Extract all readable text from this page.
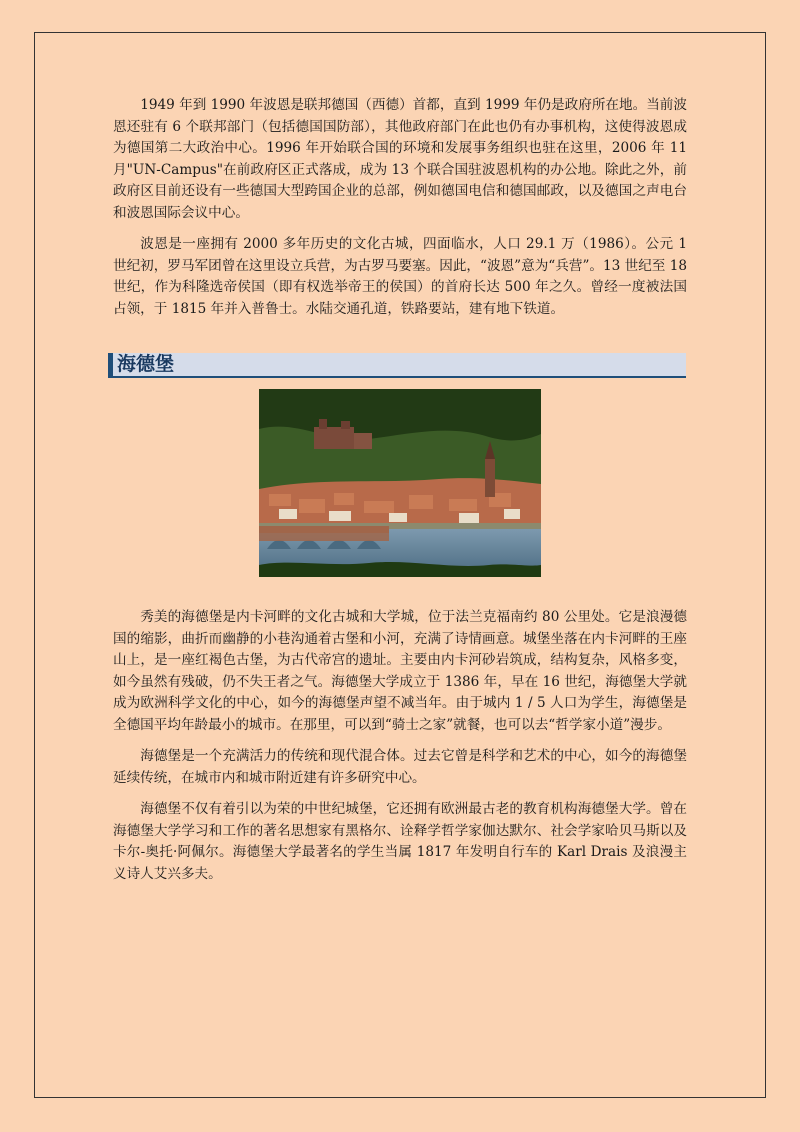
1949 年到 1990 年波恩是联邦德国（西德）首都，直到 1999 年仍是政府所在地。当前波恩还驻有 6 个联邦部门（包括德国国防部），其他政府部门在此也仍有办事机构，这使得波恩成为德国第二大政治中心。1996 年开始联合国的环境和发展事务组织也驻在这里，2006 年 11 月"UN-Campus"在前政府区正式落成，成为 13 个联合国驻波恩机构的办公地。除此之外，前政府区目前还设有一些德国大型跨国企业的总部，例如德国电信和德国邮政，以及德国之声电台和波恩国际会议中心。

波恩是一座拥有 2000 多年历史的文化古城，四面临水，人口 29.1 万（1986）。公元 1 世纪初，罗马军团曾在这里设立兵营，为古罗马要塞。因此，“波恩”意为“兵营”。13 世纪至 18 世纪，作为科隆选帝侯国（即有权选举帝王的侯国）的首府长达 500 年之久。曾经一度被法国占领，于 1815 年并入普鲁士。水陆交通孔道，铁路要站，建有地下铁道。

海德堡

秀美的海德堡是内卡河畔的文化古城和大学城，位于法兰克福南约 80 公里处。它是浪漫德国的缩影，曲折而幽静的小巷沟通着古堡和小河，充满了诗情画意。城堡坐落在内卡河畔的王座山上，是一座红褐色古堡，为古代帝宫的遗址。主要由内卡河砂岩筑成，结构复杂，风格多变，如今虽然有残破，仍不失王者之气。海德堡大学成立于 1386 年，早在 16 世纪，海德堡大学就成为欧洲科学文化的中心，如今的海德堡声望不减当年。由于城内 1 / 5 人口为学生，海德堡是全德国平均年龄最小的城市。在那里，可以到“骑士之家”就餐，也可以去“哲学家小道”漫步。

海德堡是一个充满活力的传统和现代混合体。过去它曾是科学和艺术的中心，如今的海德堡延续传统，在城市内和城市附近建有许多研究中心。

海德堡不仅有着引以为荣的中世纪城堡，它还拥有欧洲最古老的教育机构海德堡大学。曾在海德堡大学学习和工作的著名思想家有黑格尔、诠释学哲学家伽达默尔、社会学家哈贝马斯以及卡尔-奥托·阿佩尔。海德堡大学最著名的学生当属 1817 年发明自行车的 Karl Drais 及浪漫主义诗人艾兴多夫。
